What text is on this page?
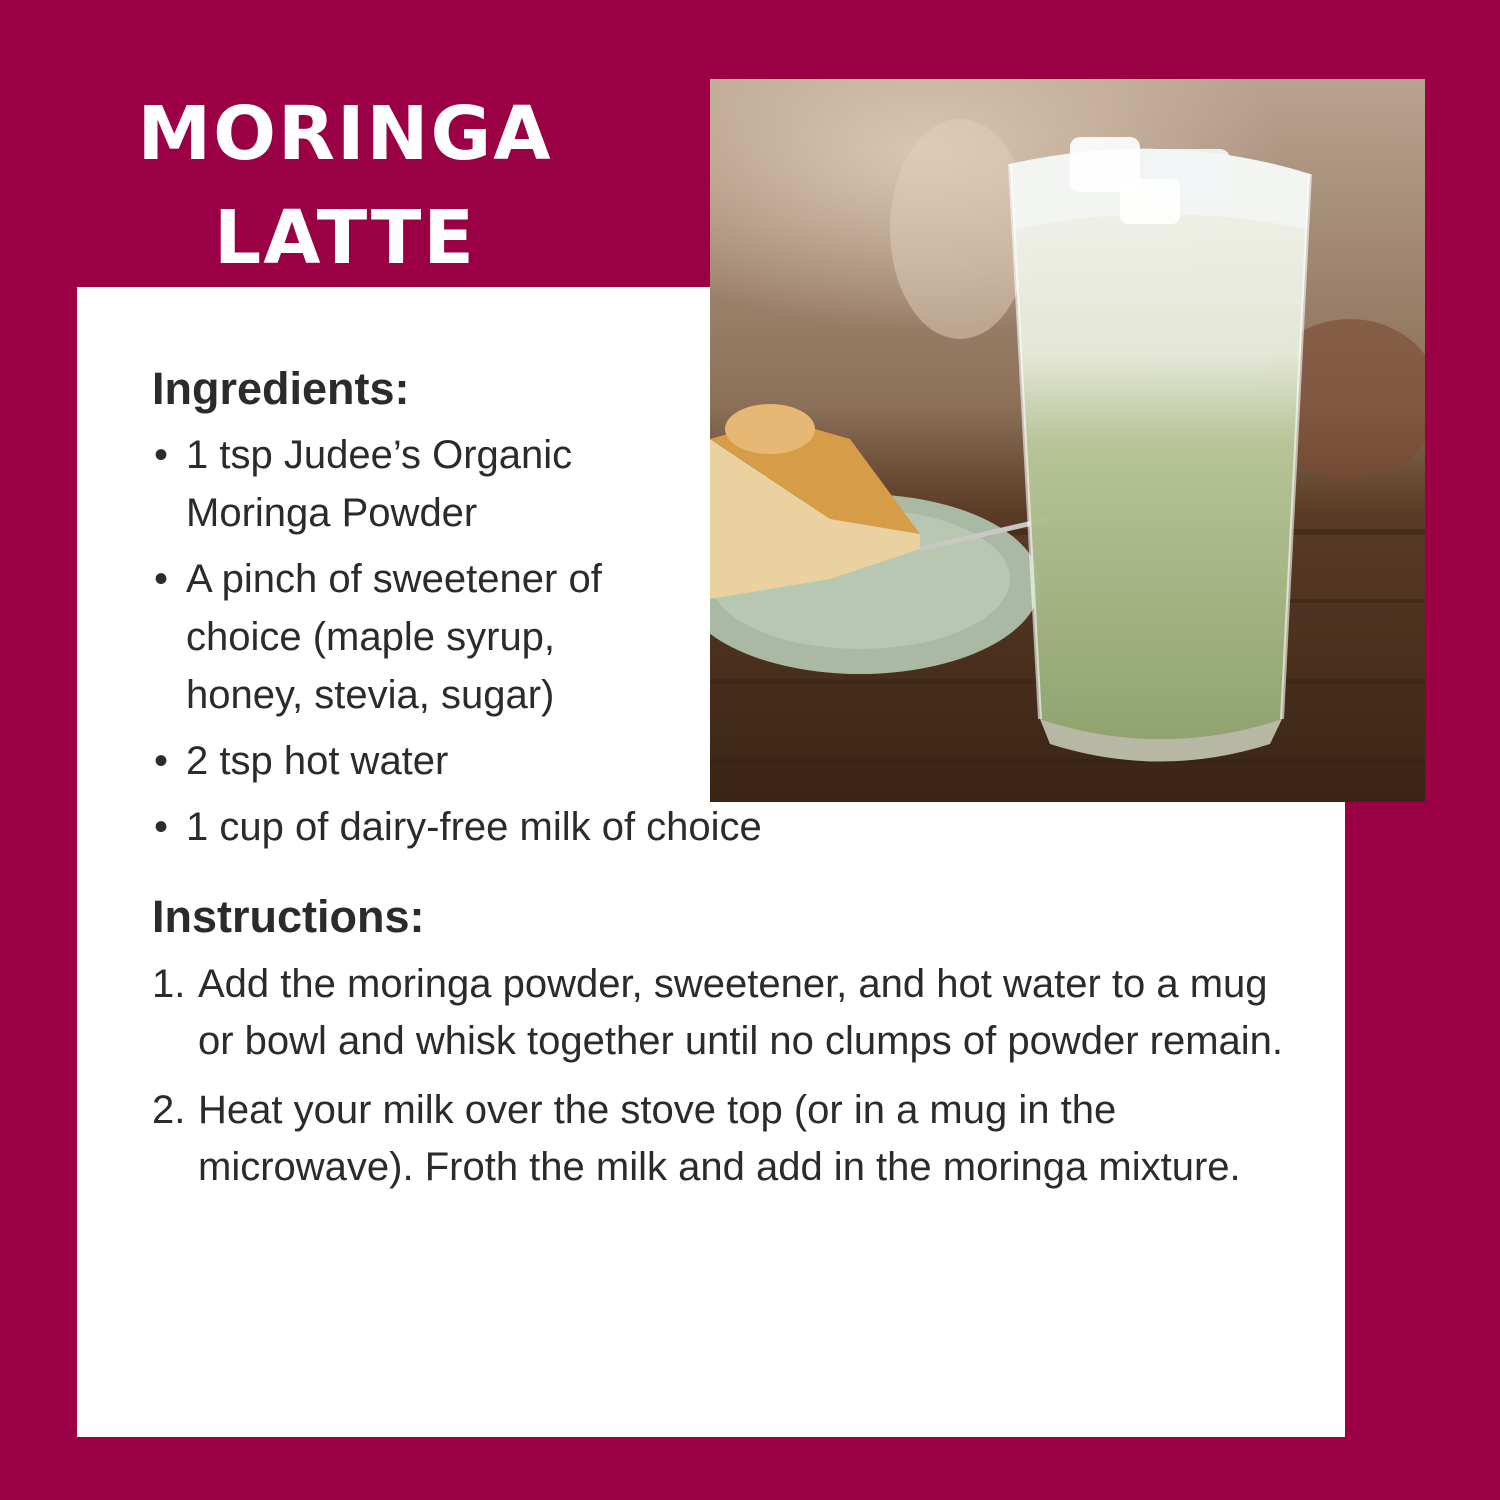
MORINGA
LATTE
Ingredients:
• 1 tsp Judee’s Organic Moringa Powder
• A pinch of sweetener of choice (maple syrup, honey, stevia, sugar)
• 2 tsp hot water
• 1 cup of dairy-free milk of choice
Instructions:
1. Add the moringa powder, sweetener, and hot water to a mug or bowl and whisk together until no clumps of powder remain.
2. Heat your milk over the stove top (or in a mug in the microwave). Froth the milk and add in the moringa mixture.
